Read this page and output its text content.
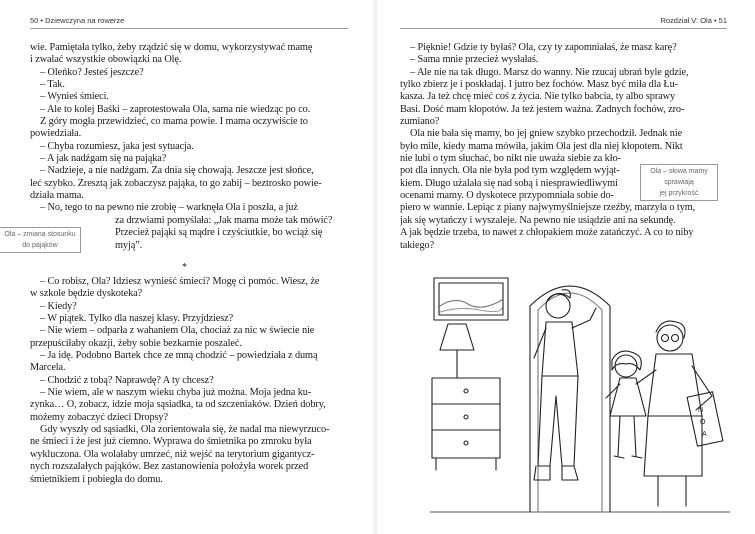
50 • Dziewczyna na rowerze
wie. Pamiętała tylko, żeby rządzić się w domu, wykorzystywać mamę
i zwalać wszystkie obowiązki na Olę.
– Oleńko? Jesteś jeszcze?
– Tak.
– Wynieś śmieci.
– Ale to kolej Baśki – zaprotestowała Ola, sama nie wiedząc po co.
Z góry mogła przewidzieć, co mama powie. I mama oczywiście to
powiedziała.
– Chyba rozumiesz, jaka jest sytuacja.
– A jak nadźgam się na pająka?
– Nadzieje, a nie nadźgam. Za dnia się chowają. Jeszcze jest słońce,
leć szybko. Zresztą jak zobaczysz pająka, to go zabij – beztrosko powie-
działa mama.
– No, tego to na pewno nie zrobię – warknęła Ola i poszła, a już
za drzwiami pomyślała: „Jak mama może tak mówić?
Przecież pająki są mądre i czyściutkie, bo wciąż się
myją”.
Ola – zmiana stosunku
do pająków
*
– Co robisz, Ola? Idziesz wynieść śmieci? Mogę ci pomóc. Wiesz, że
w szkole będzie dyskoteka?
– Kiedy?
– W piątek. Tylko dla naszej klasy. Przyjdziesz?
– Nie wiem – odparła z wahaniem Ola, chociaż za nic w świecie nie
przepuściłaby okazji, żeby sobie bezkarnie poszaleć.
– Ja idę. Podobno Bartek chce ze mną chodzić – powiedziała z dumą
Marcela.
– Chodzić z tobą? Naprawdę? A ty chcesz?
– Nie wiem, ale w naszym wieku chyba już można. Moja jedna ku-
zynka… O, zobacz, idzie moja sąsiadka, ta od szczeniaków. Dzień dobry,
możemy zobaczyć dzieci Dropsy?
Gdy wyszły od sąsiadki, Ola zorientowała się, że nadal ma niewyrzuco-
ne śmieci i że jest już ciemno. Wyprawa do śmietnika po zmroku była
wykluczona. Ola wolałaby umrzeć, niż wejść na terytorium gigantycz-
nych rozszalałych pająków. Bez zastanowienia położyła worek przed
śmietnikiem i pobiegła do domu.
Rozdział V: Ola • 51
– Pięknie! Gdzie ty byłaś? Ola, czy ty zapomniałaś, że masz karę?
– Sama mnie przecież wysłałaś.
– Ale nie na tak długo. Marsz do wanny. Nie rzucaj ubrań byle gdzie,
tylko zbierz je i poskładaj. I jutro bez fochów. Masz być miła dla Łu-
kasza. Ja też chcę mieć coś z życia. Nie tylko babcia, ty albo sprawy
Basi. Dość mam kłopotów. Ja też jestem ważna. Żadnych fochów, zro-
zumiano?
Ola nie bała się mamy, bo jej gniew szybko przechodził. Jednak nie
było mile, kiedy mama mówiła, jakim Ola jest dla niej kłopotem. Nikt
nie lubi o tym słuchać, bo nikt nie uważa siebie za kło-
pot dla innych. Ola nie była pod tym względem wyjąt-
kiem. Długo użalała się nad sobą i niesprawiedliwymi
ocenami mamy. O dyskotece przypomniała sobie do-
piero w wannie. Lepiąc z piany najwymyślniejsze rzeźby, marzyła o tym,
jak się wytańczy i wyszaleje. Na pewno nie usiądzie ani na sekundę.
A jak będzie trzeba, to nawet z chłopakiem może zatańczyć. A co to niby
takiego?
Ola – słowa mamy sprawiają
jej przykrość
N
O
A
